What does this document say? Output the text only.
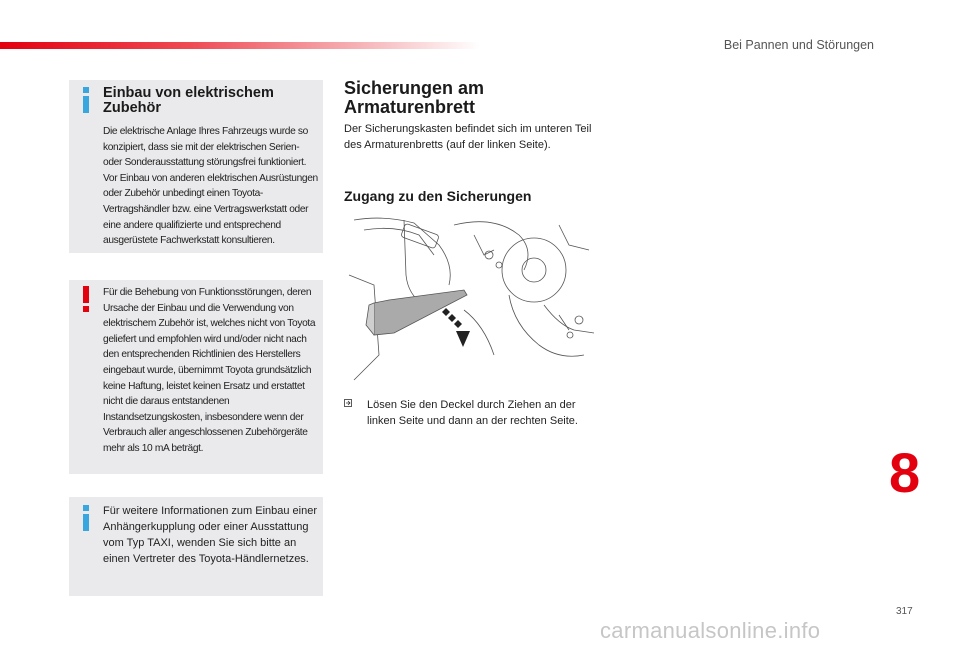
Bei Pannen und Störungen
Einbau von elektrischem Zubehör
Die elektrische Anlage Ihres Fahrzeugs wurde so konzipiert, dass sie mit der elektrischen Serien- oder Sonderausstattung störungsfrei funktioniert. Vor Einbau von anderen elektrischen Ausrüstungen oder Zubehör unbedingt einen Toyota-Vertragshändler bzw. eine Vertragswerkstatt oder eine andere qualifizierte und entsprechend ausgerüstete Fachwerkstatt konsultieren.
Für die Behebung von Funktionsstörungen, deren Ursache der Einbau und die Verwendung von elektrischem Zubehör ist, welches nicht von Toyota geliefert und empfohlen wird und/oder nicht nach den entsprechenden Richtlinien des Herstellers eingebaut wurde, übernimmt Toyota grundsätzlich keine Haftung, leistet keinen Ersatz und erstattet nicht die daraus entstandenen Instandsetzungskosten, insbesondere wenn der Verbrauch aller angeschlossenen Zubehörgeräte mehr als 10 mA beträgt.
Für weitere Informationen zum Einbau einer Anhängerkupplung oder einer Ausstattung vom Typ TAXI, wenden Sie sich bitte an einen Vertreter des Toyota-Händlernetzes.
Sicherungen am Armaturenbrett
Der Sicherungskasten befindet sich im unteren Teil des Armaturenbretts (auf der linken Seite).
Zugang zu den Sicherungen
Lösen Sie den Deckel durch Ziehen an der linken Seite und dann an der rechten Seite.
8
317
carmanualsonline.info
